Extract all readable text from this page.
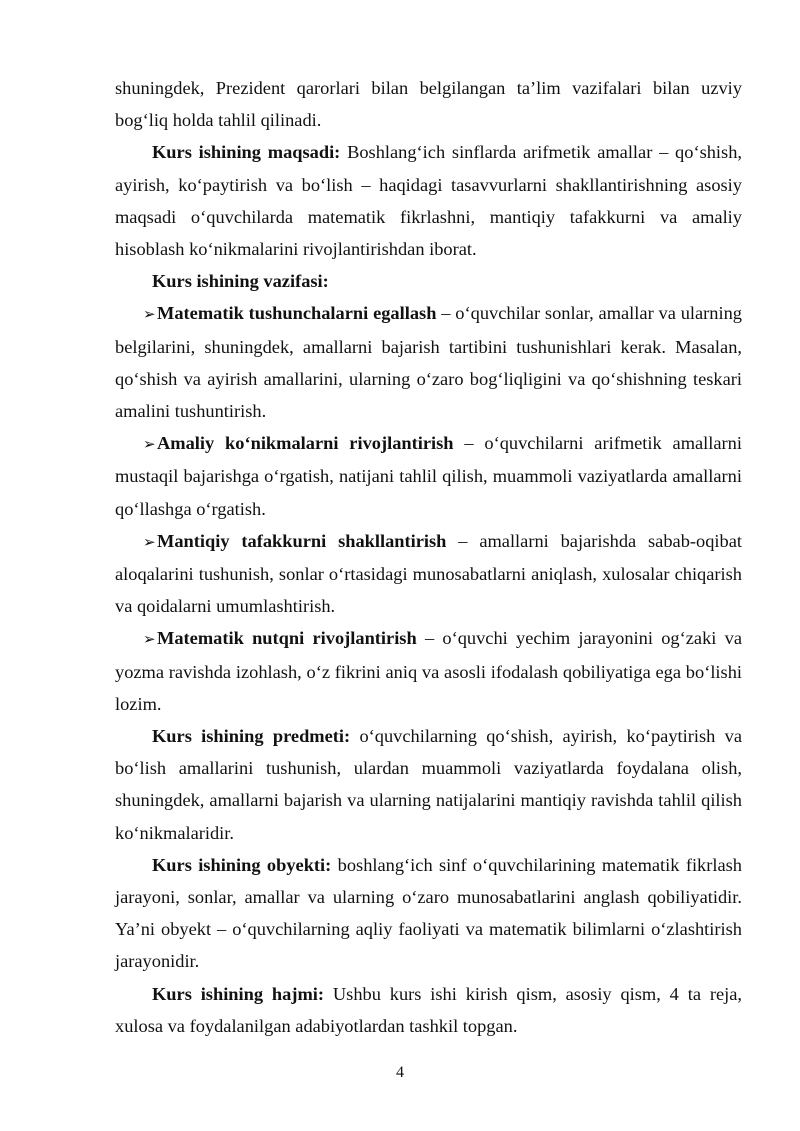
shuningdek, Prezident qarorlari bilan belgilangan ta’lim vazifalari bilan uzviy bog‘liq holda tahlil qilinadi.

Kurs ishining maqsadi: Boshlang‘ich sinflarda arifmetik amallar – qo‘shish, ayirish, ko‘paytirish va bo‘lish – haqidagi tasavvurlarni shakllantirishning asosiy maqsadi o‘quvchilarda matematik fikrlashni, mantiqiy tafakkurni va amaliy hisoblash ko‘nikmalarini rivojlantirishdan iborat.

Kurs ishining vazifasi:

➢Matematik tushunchalarni egallash – o‘quvchilar sonlar, amallar va ularning belgilarini, shuningdek, amallarni bajarish tartibini tushunishlari kerak. Masalan, qo‘shish va ayirish amallarini, ularning o‘zaro bog‘liqligini va qo‘shishning teskari amalini tushuntirish.

➢Amaliy ko‘nikmalarni rivojlantirish – o‘quvchilarni arifmetik amallarni mustaqil bajarishga o‘rgatish, natijani tahlil qilish, muammoli vaziyatlarda amallarni qo‘llashga o‘rgatish.

➢Mantiqiy tafakkurni shakllantirish – amallarni bajarishda sabab-oqibat aloqalarini tushunish, sonlar o‘rtasidagi munosabatlarni aniqlash, xulosalar chiqarish va qoidalarni umumlashtirish.

➢Matematik nutqni rivojlantirish – o‘quvchi yechim jarayonini og‘zaki va yozma ravishda izohlash, o‘z fikrini aniq va asosli ifodalash qobiliyatiga ega bo‘lishi lozim.

Kurs ishining predmeti: o‘quvchilarning qo‘shish, ayirish, ko‘paytirish va bo‘lish amallarini tushunish, ulardan muammoli vaziyatlarda foydalana olish, shuningdek, amallarni bajarish va ularning natijalarini mantiqiy ravishda tahlil qilish ko‘nikmalaridir.

Kurs ishining obyekti: boshlang‘ich sinf o‘quvchilarining matematik fikrlash jarayoni, sonlar, amallar va ularning o‘zaro munosabatlarini anglash qobiliyatidir. Ya’ni obyekt – o‘quvchilarning aqliy faoliyati va matematik bilimlarni o‘zlashtirish jarayonidir.

Kurs ishining hajmi: Ushbu kurs ishi kirish qism, asosiy qism, 4 ta reja, xulosa va foydalanilgan adabiyotlardan tashkil topgan.

4
